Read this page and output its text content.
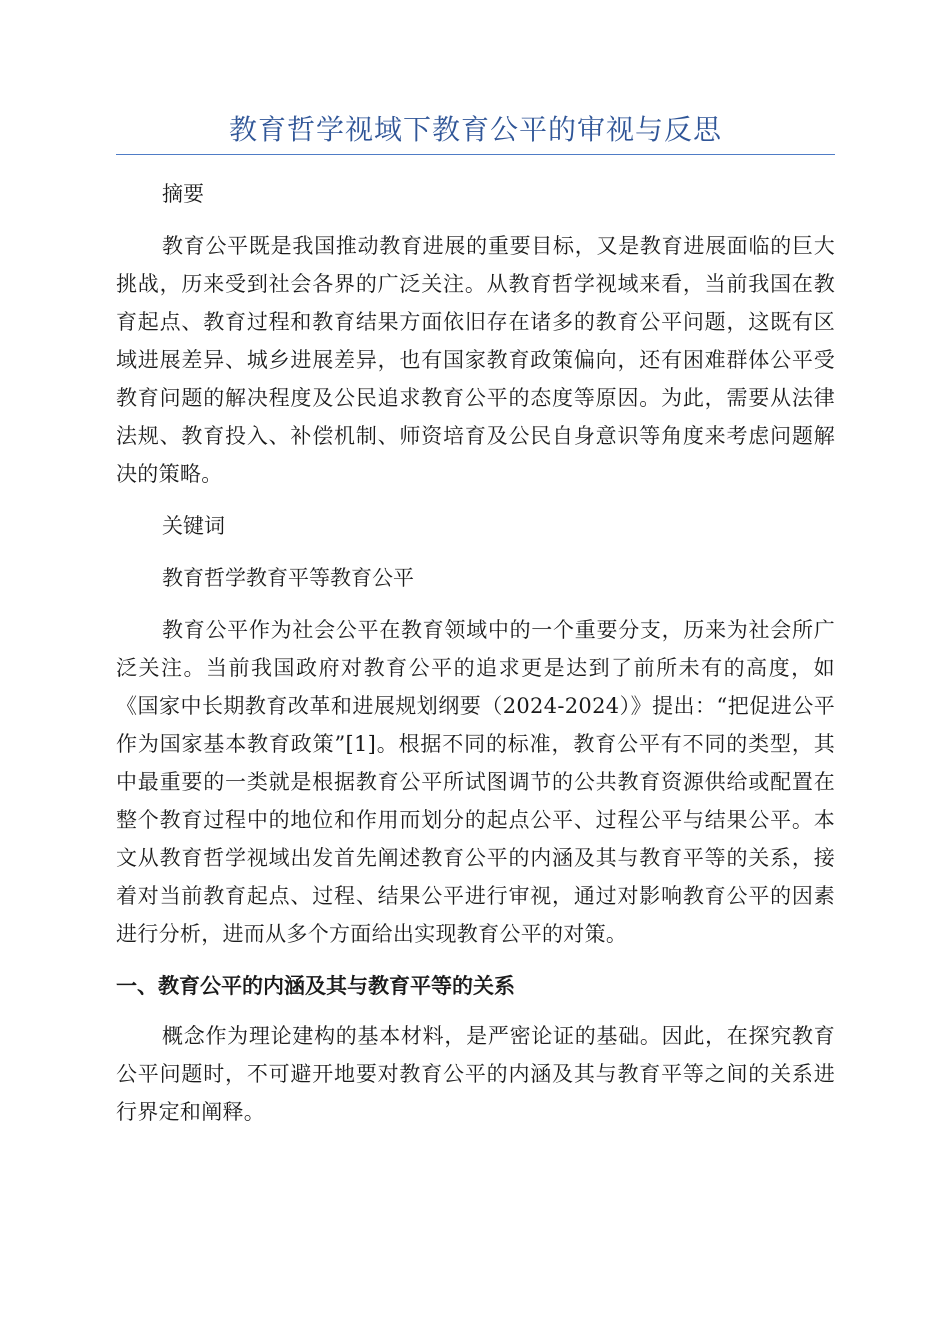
教育哲学视域下教育公平的审视与反思

摘要

教育公平既是我国推动教育进展的重要目标，又是教育进展面临的巨大挑战，历来受到社会各界的广泛关注。从教育哲学视域来看，当前我国在教育起点、教育过程和教育结果方面依旧存在诸多的教育公平问题，这既有区域进展差异、城乡进展差异，也有国家教育政策偏向，还有困难群体公平受教育问题的解决程度及公民追求教育公平的态度等原因。为此，需要从法律法规、教育投入、补偿机制、师资培育及公民自身意识等角度来考虑问题解决的策略。

关键词

教育哲学教育平等教育公平

教育公平作为社会公平在教育领域中的一个重要分支，历来为社会所广泛关注。当前我国政府对教育公平的追求更是达到了前所未有的高度，如《国家中长期教育改革和进展规划纲要（2024-2024）》提出：“把促进公平作为国家基本教育政策”[1]。根据不同的标准，教育公平有不同的类型，其中最重要的一类就是根据教育公平所试图调节的公共教育资源供给或配置在整个教育过程中的地位和作用而划分的起点公平、过程公平与结果公平。本文从教育哲学视域出发首先阐述教育公平的内涵及其与教育平等的关系，接着对当前教育起点、过程、结果公平进行审视，通过对影响教育公平的因素进行分析，进而从多个方面给出实现教育公平的对策。

一、教育公平的内涵及其与教育平等的关系

概念作为理论建构的基本材料，是严密论证的基础。因此，在探究教育公平问题时，不可避开地要对教育公平的内涵及其与教育平等之间的关系进行界定和阐释。
